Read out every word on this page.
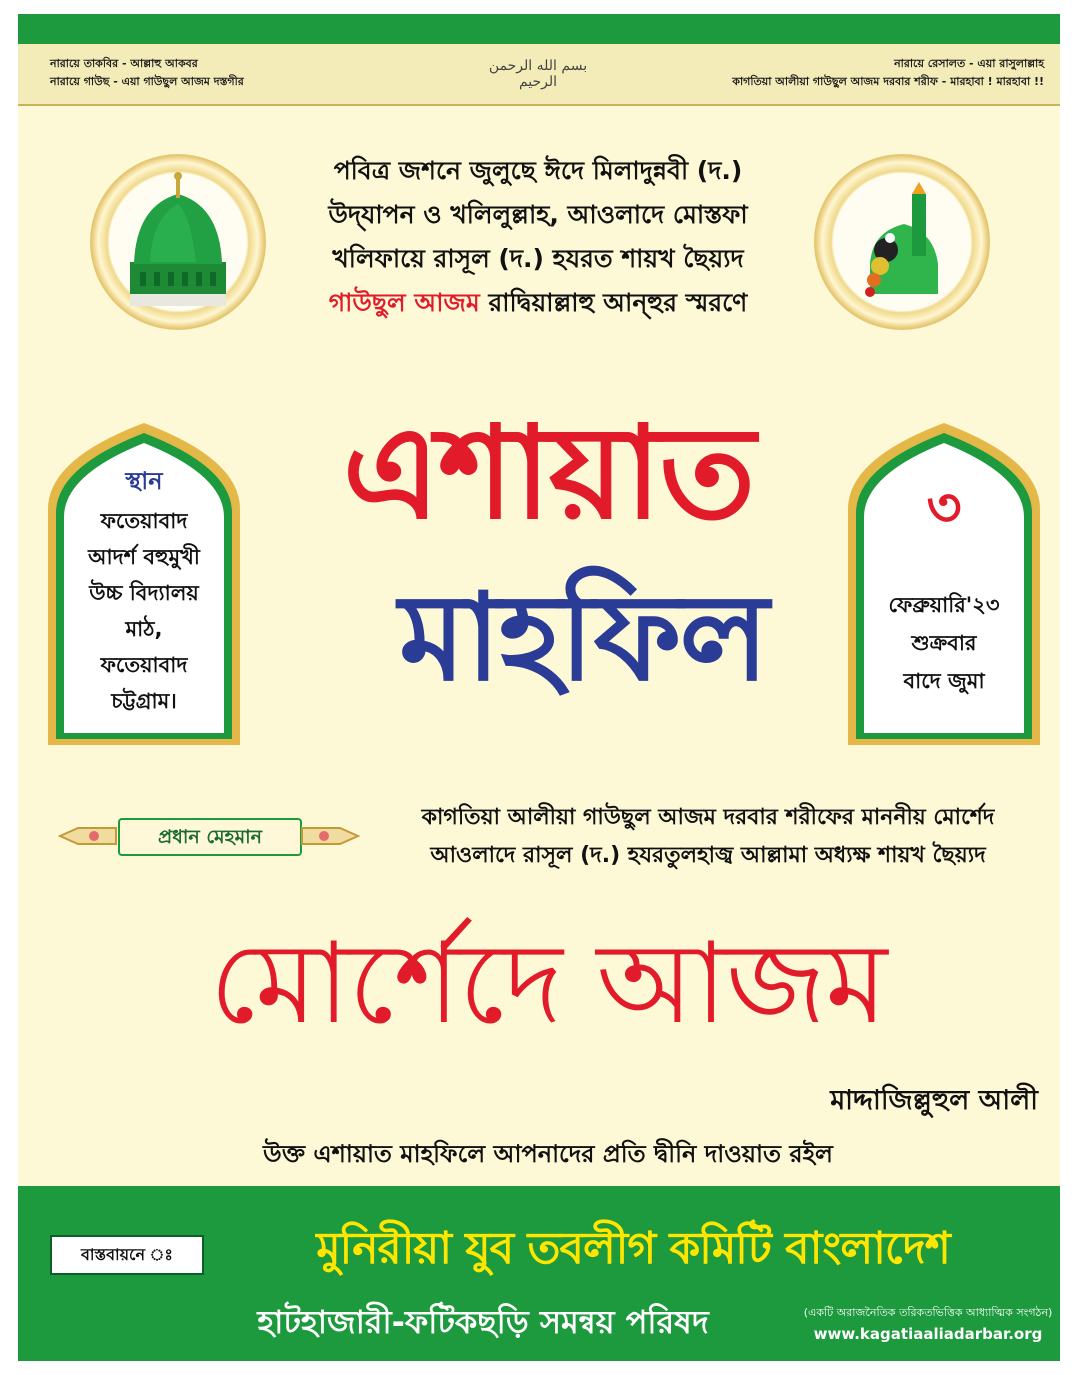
নারায়ে তাকবির - আল্লাহু আকবর
নারায়ে গাউছ - এয়া গাউছুল আজম দস্তগীর
بسم الله الرحمن الرحيم
নারায়ে রেসালত - এয়া রাসুলাল্লাহ
কাগতিয়া আলীয়া গাউছুল আজম দরবার শরীফ - মারহাবা ! মারহাবা !!
পবিত্র জশনে জুলুছে ঈদে মিলাদুন্নবী (দ.)
উদ্‌যাপন ও খলিলুল্লাহ, আওলাদে মোস্তফা
খলিফায়ে রাসূল (দ.) হযরত শায়খ ছৈয়্যদ
গাউছুল আজম রাদ্বিয়াল্লাহু আন্‌হুর স্মরণে
এশায়াত
মাহফিল
স্থান
ফতেয়াবাদ
আদর্শ বহুমুখী
উচ্চ বিদ্যালয়
মাঠ,
ফতেয়াবাদ
চট্টগ্রাম।
৩
ফেব্রুয়ারি'২৩
শুক্রবার
বাদে জুমা
প্রধান মেহমান
কাগতিয়া আলীয়া গাউছুল আজম দরবার শরীফের মাননীয় মোর্শেদ
আওলাদে রাসূল (দ.) হযরতুলহাজ্ব আল্লামা অধ্যক্ষ শায়খ ছৈয়্যদ
মোর্শেদে আজম
মাদ্দাজিল্লুহুল আলী
উক্ত এশায়াত মাহফিলে আপনাদের প্রতি দ্বীনি দাওয়াত রইল
বাস্তবায়নে ঃ	মুনিরীয়া যুব তবলীগ কমিটি বাংলাদেশ
হাটহাজারী-ফটিকছড়ি সমন্বয় পরিষদ	(একটি অরাজনৈতিক তরিকতভিত্তিক আধ্যাত্মিক সংগঠন)
www.kagatiaaliadarbar.org
